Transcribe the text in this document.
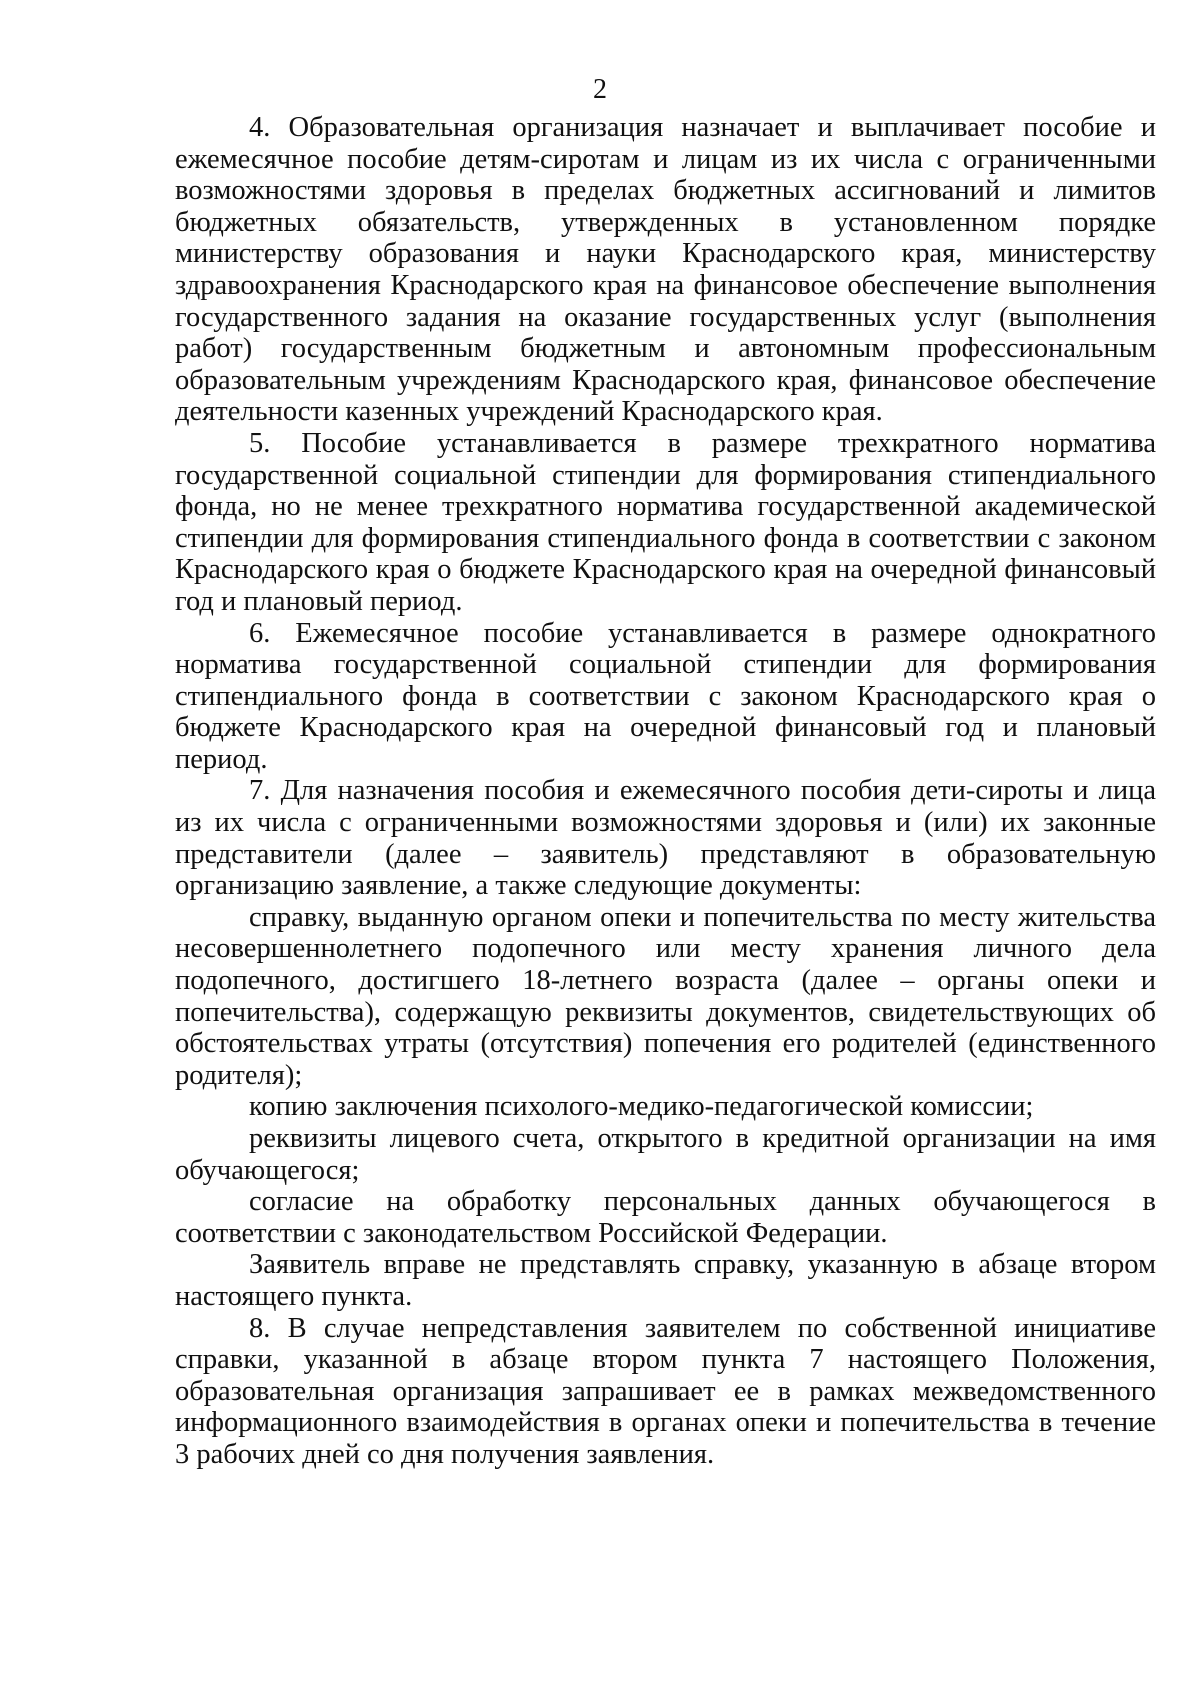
2

4. Образовательная организация назначает и выплачивает пособие и ежемесячное пособие детям-сиротам и лицам из их числа с ограниченными возможностями здоровья в пределах бюджетных ассигнований и лимитов бюджетных обязательств, утвержденных в установленном порядке министерству образования и науки Краснодарского края, министерству здравоохранения Краснодарского края на финансовое обеспечение выполнения государственного задания на оказание государственных услуг (выполнения работ) государственным бюджетным и автономным профессиональным образовательным учреждениям Краснодарского края, финансовое обеспечение деятельности казенных учреждений Краснодарского края.

5. Пособие устанавливается в размере трехкратного норматива государственной социальной стипендии для формирования стипендиального фонда, но не менее трехкратного норматива государственной академической стипендии для формирования стипендиального фонда в соответствии с законом Краснодарского края о бюджете Краснодарского края на очередной финансовый год и плановый период.

6. Ежемесячное пособие устанавливается в размере однократного норматива государственной социальной стипендии для формирования стипендиального фонда в соответствии с законом Краснодарского края о бюджете Краснодарского края на очередной финансовый год и плановый период.

7. Для назначения пособия и ежемесячного пособия дети-сироты и лица из их числа с ограниченными возможностями здоровья и (или) их законные представители (далее – заявитель) представляют в образовательную организацию заявление, а также следующие документы:

справку, выданную органом опеки и попечительства по месту жительства несовершеннолетнего подопечного или месту хранения личного дела подопечного, достигшего 18-летнего возраста (далее – органы опеки и попечительства), содержащую реквизиты документов, свидетельствующих об обстоятельствах утраты (отсутствия) попечения его родителей (единственного родителя);

копию заключения психолого-медико-педагогической комиссии;

реквизиты лицевого счета, открытого в кредитной организации на имя обучающегося;

согласие на обработку персональных данных обучающегося в соответствии с законодательством Российской Федерации.

Заявитель вправе не представлять справку, указанную в абзаце втором настоящего пункта.

8. В случае непредставления заявителем по собственной инициативе справки, указанной в абзаце втором пункта 7 настоящего Положения, образовательная организация запрашивает ее в рамках межведомственного информационного взаимодействия в органах опеки и попечительства в течение 3 рабочих дней со дня получения заявления.
